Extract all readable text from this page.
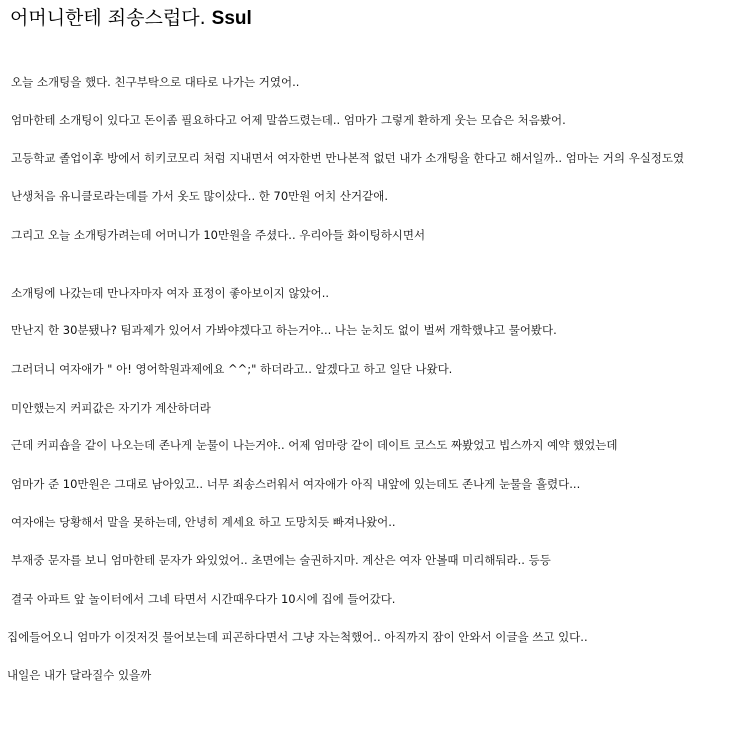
어머니한테 죄송스럽다. Ssul
오늘 소개팅을 했다. 친구부탁으로 대타로 나가는 거였어..
엄마한테 소개팅이 있다고 돈이좀 필요하다고 어제 말씀드렸는데.. 엄마가 그렇게 환하게 웃는 모습은 처음봤어.
고등학교 졸업이후 방에서 히키코모리 처럼 지내면서 여자한번 만나본적 없던 내가 소개팅을 한다고 해서일까.. 엄마는 거의 우실정도였
난생처음 유니클로라는데를 가서 옷도 많이샀다.. 한 70만원 어치 산거같애.
그리고 오늘 소개팅가려는데 어머니가 10만원을 주셨다.. 우리아들 화이팅하시면서
소개팅에 나갔는데 만나자마자 여자 표정이 좋아보이지 않았어..
만난지 한 30분됐나? 팀과제가 있어서 가봐야겠다고 하는거야... 나는 눈치도 없이 벌써 개학했냐고 물어봤다.
그러더니 여자애가 " 아! 영어학원과제에요 ^^;" 하더라고.. 알겠다고 하고 일단 나왔다.
미안했는지 커피값은 자기가 계산하더라
근데 커피숍을 같이 나오는데 존나게 눈물이 나는거야.. 어제 엄마랑 같이 데이트 코스도 짜봤었고 빕스까지 예약 했었는데
엄마가 준 10만원은 그대로 남아있고.. 너무 죄송스러워서 여자애가 아직 내앞에 있는데도 존나게 눈물을 흘렸다...
여자애는 당황해서 말을 못하는데, 안녕히 계세요 하고 도망치듯 빠져나왔어..
부재중 문자를 보니 엄마한테 문자가 와있었어.. 초면에는 술권하지마. 계산은 여자 안볼때 미리해둬라.. 등등
결국 아파트 앞 놀이터에서 그네 타면서 시간때우다가 10시에 집에 들어갔다.
집에들어오니 엄마가 이것저것 물어보는데 피곤하다면서 그냥 자는척했어.. 아직까지 잠이 안와서 이글을 쓰고 있다..
내일은 내가 달라질수 있을까
